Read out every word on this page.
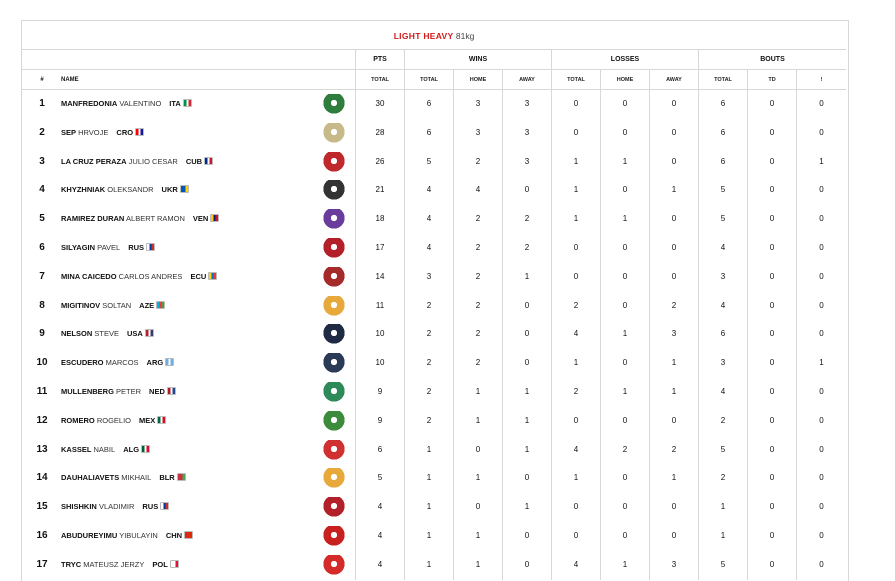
LIGHT HEAVY 81kg
PTS	WINS	LOSSES	BOUTS
#	NAME	TOTAL	TOTAL	HOME	AWAY	TOTAL	HOME	AWAY	TOTAL	TD	!
1	MANFREDONIA VALENTINO ITA	30	6	3	3	0	0	0	6	0	0
2	SEP HRVOJE CRO	28	6	3	3	0	0	0	6	0	0
3	LA CRUZ PERAZA JULIO CESAR CUB	26	5	2	3	1	1	0	6	0	1
4	KHYZHNIAK OLEKSANDR UKR	21	4	4	0	1	0	1	5	0	0
5	RAMIREZ DURAN ALBERT RAMON VEN	18	4	2	2	1	1	0	5	0	0
6	SILYAGIN PAVEL RUS	17	4	2	2	0	0	0	4	0	0
7	MINA CAICEDO CARLOS ANDRES ECU	14	3	2	1	0	0	0	3	0	0
8	MIGITINOV SOLTAN AZE	11	2	2	0	2	0	2	4	0	0
9	NELSON STEVE USA	10	2	2	0	4	1	3	6	0	0
10	ESCUDERO MARCOS ARG	10	2	2	0	1	0	1	3	0	1
11	MULLENBERG PETER NED	9	2	1	1	2	1	1	4	0	0
12	ROMERO ROGELIO MEX	9	2	1	1	0	0	0	2	0	0
13	KASSEL NABIL ALG	6	1	0	1	4	2	2	5	0	0
14	DAUHALIAVETS MIKHAIL BLR	5	1	1	0	1	0	1	2	0	0
15	SHISHKIN VLADIMIR RUS	4	1	0	1	0	0	0	1	0	0
16	ABUDUREYIMU YIBULAYIN CHN	4	1	1	0	0	0	0	1	0	0
17	TRYC MATEUSZ JERZY POL	4	1	1	0	4	1	3	5	0	0
